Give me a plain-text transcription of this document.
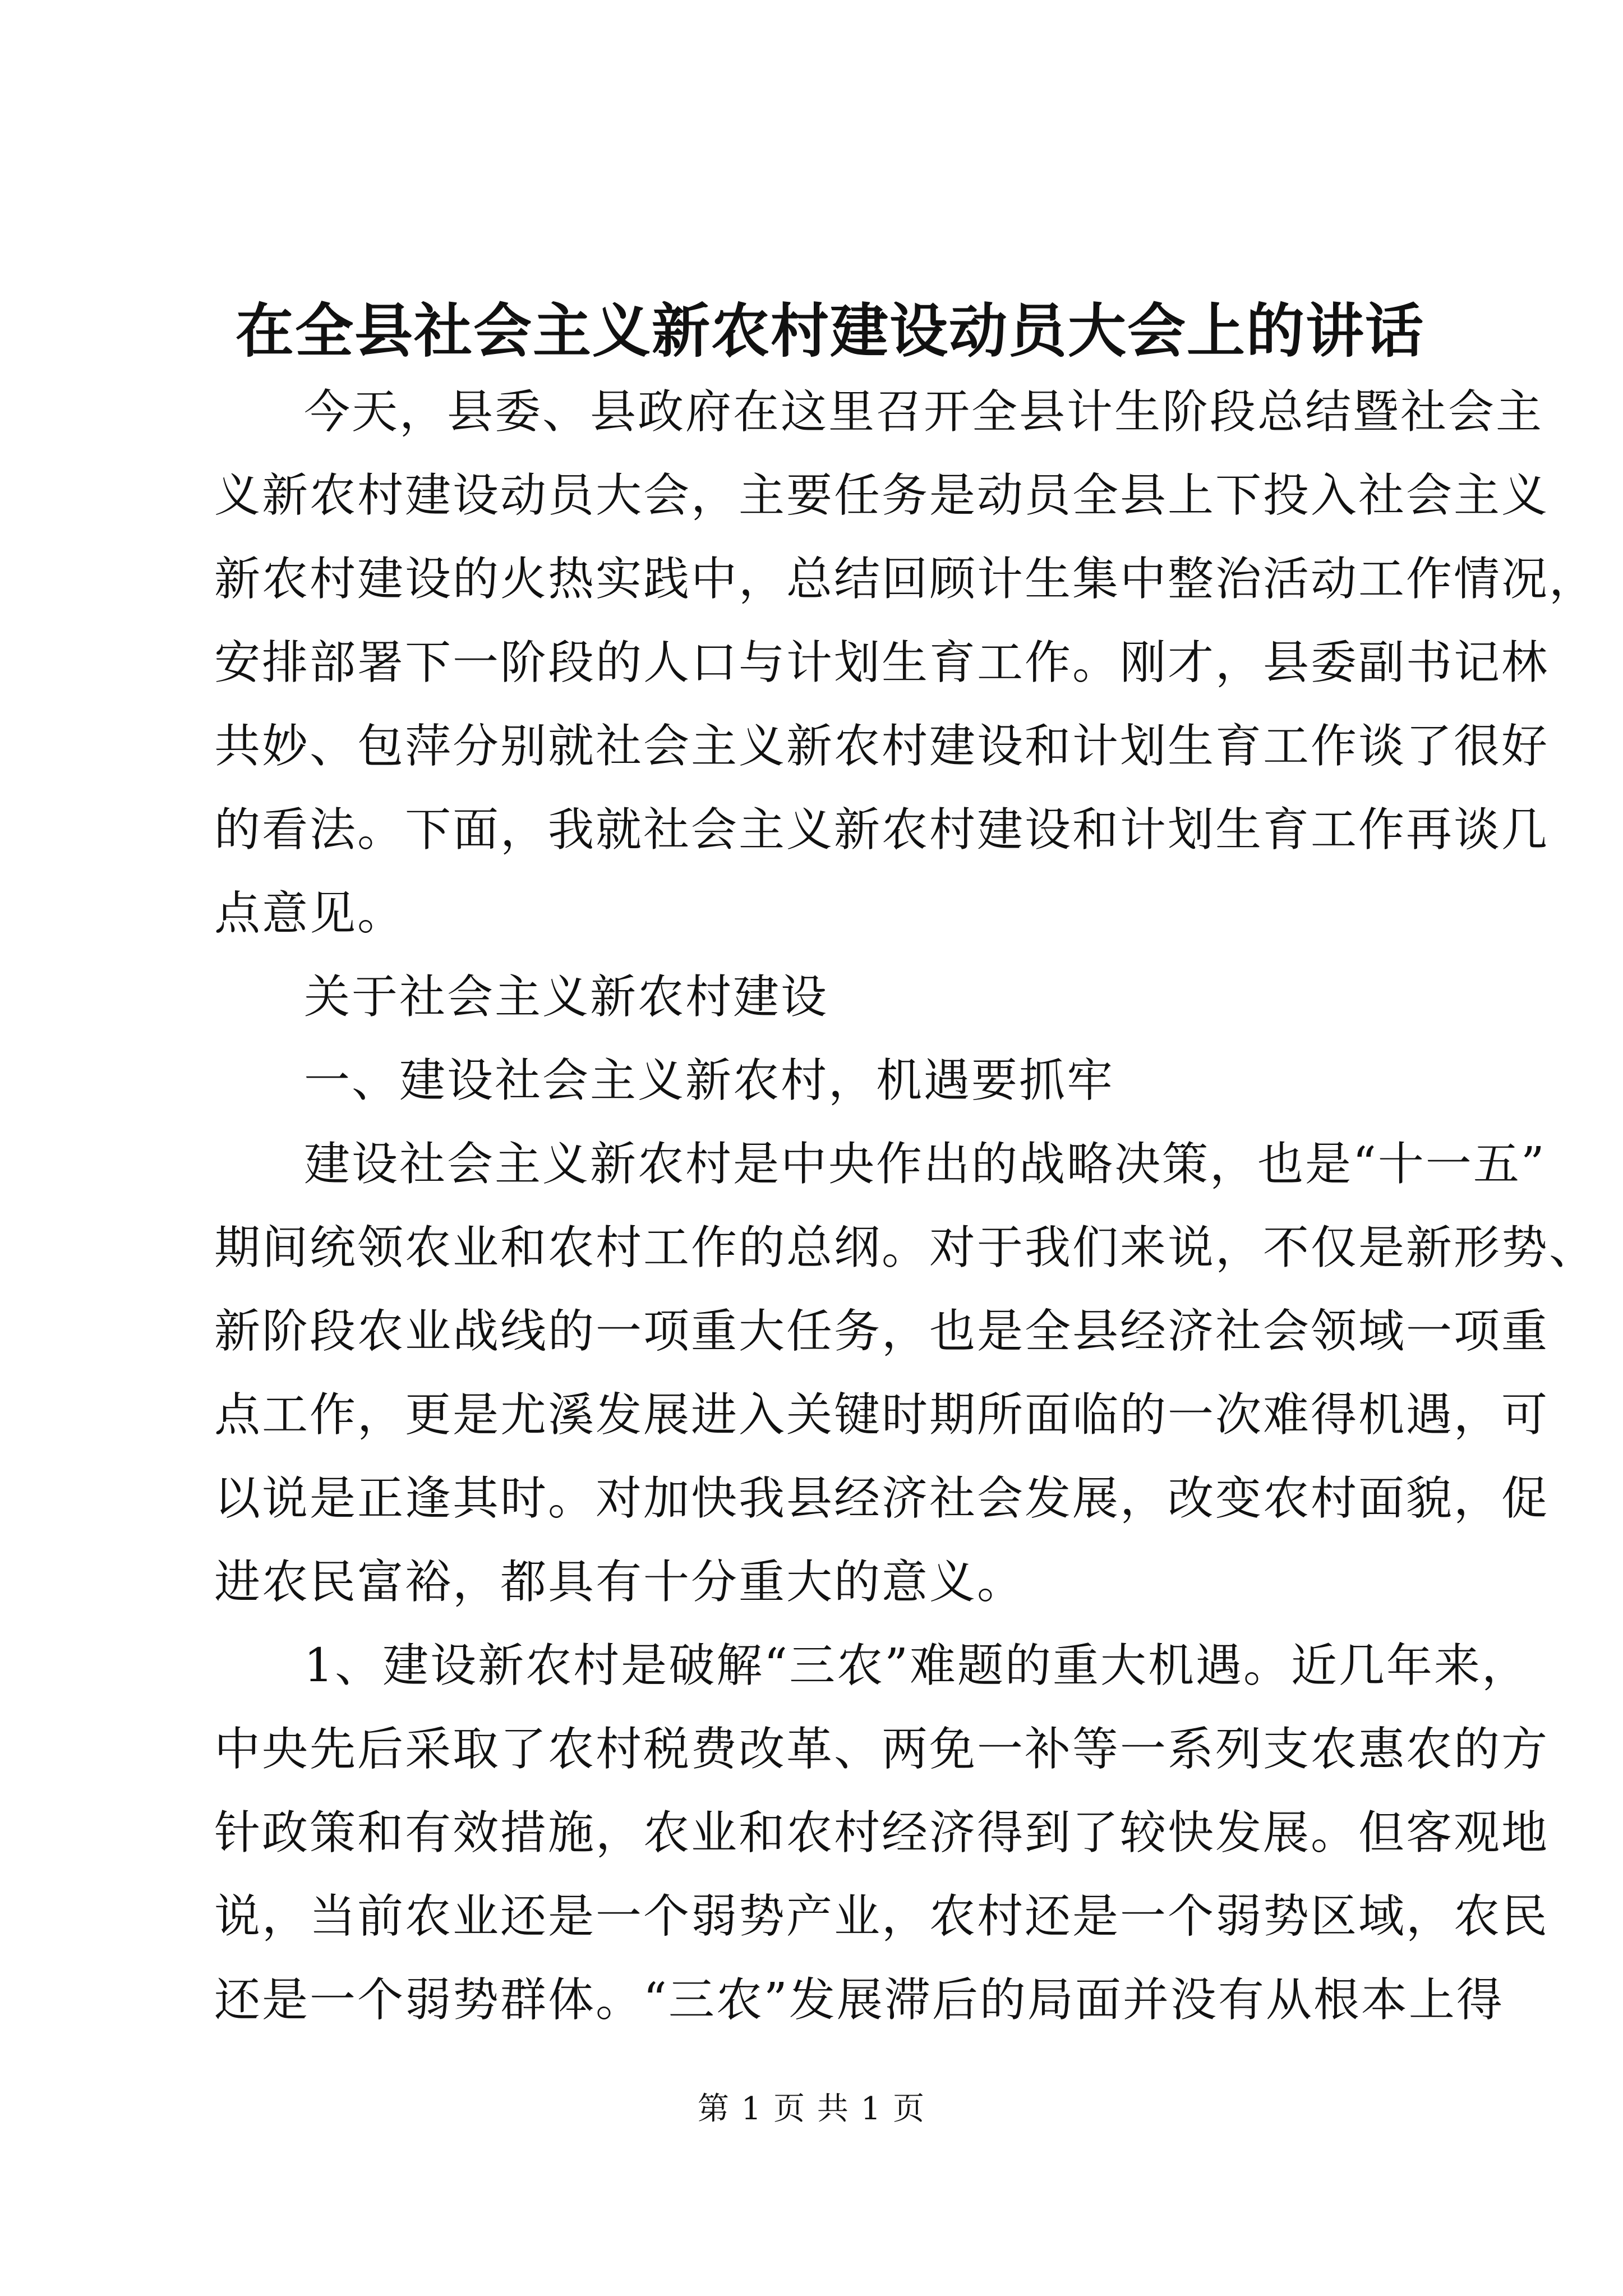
在全县社会主义新农村建设动员大会上的讲话
今天，县委、县政府在这里召开全县计生阶段总结暨社会主
义新农村建设动员大会，主要任务是动员全县上下投入社会主义
新农村建设的火热实践中，总结回顾计生集中整治活动工作情况，
安排部署下一阶段的人口与计划生育工作。刚才，县委副书记林
共妙、包萍分别就社会主义新农村建设和计划生育工作谈了很好
的看法。下面，我就社会主义新农村建设和计划生育工作再谈几
点意见。
关于社会主义新农村建设
一、建设社会主义新农村，机遇要抓牢
建设社会主义新农村是中央作出的战略决策，也是“十一五”
期间统领农业和农村工作的总纲。对于我们来说，不仅是新形势、
新阶段农业战线的一项重大任务，也是全县经济社会领域一项重
点工作，更是尤溪发展进入关键时期所面临的一次难得机遇，可
以说是正逢其时。对加快我县经济社会发展，改变农村面貌，促
进农民富裕，都具有十分重大的意义。
1、建设新农村是破解“三农”难题的重大机遇。近几年来，
中央先后采取了农村税费改革、两免一补等一系列支农惠农的方
针政策和有效措施，农业和农村经济得到了较快发展。但客观地
说，当前农业还是一个弱势产业，农村还是一个弱势区域，农民
还是一个弱势群体。“三农”发展滞后的局面并没有从根本上得
第 1 页 共 1 页
